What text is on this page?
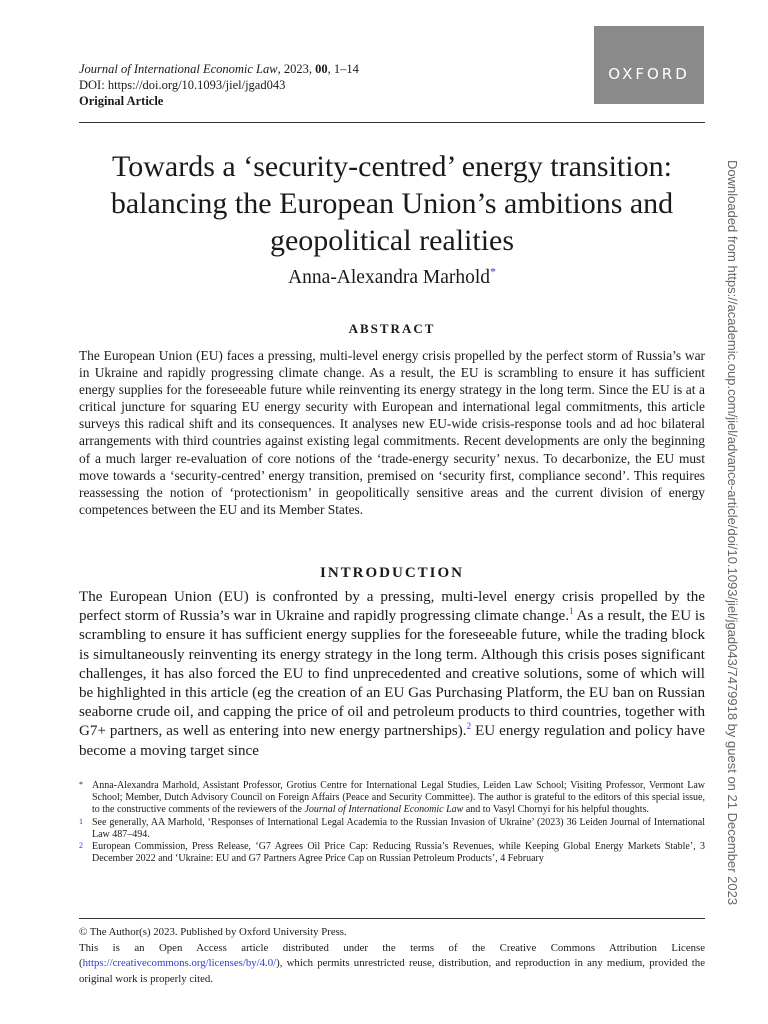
Journal of International Economic Law, 2023, 00, 1–14
DOI: https://doi.org/10.1093/jiel/jgad043
Original Article
OXFORD
Towards a ‘security-centred’ energy transition: balancing the European Union’s ambitions and geopolitical realities
Anna-Alexandra Marhold*
ABSTRACT

The European Union (EU) faces a pressing, multi-level energy crisis propelled by the perfect storm of Russia’s war in Ukraine and rapidly progressing climate change. As a result, the EU is scrambling to ensure it has sufficient energy supplies for the foreseeable future while reinventing its energy strategy in the long term. Since the EU is at a critical juncture for squaring EU energy security with European and international legal commitments, this article surveys this radical shift and its consequences. It analyses new EU-wide crisis-response tools and ad hoc bilateral arrangements with third countries against existing legal commitments. Recent developments are only the beginning of a much larger re-evaluation of core notions of the ‘trade-energy security’ nexus. To decarbonize, the EU must move towards a ‘security-centred’ energy transition, premised on ‘security first, compliance second’. This requires reassessing the notion of ‘protectionism’ in geopolitically sensitive areas and the current division of energy competences between the EU and its Member States.

INTRODUCTION

The European Union (EU) is confronted by a pressing, multi-level energy crisis propelled by the perfect storm of Russia’s war in Ukraine and rapidly progressing climate change.$^1$ As a result, the EU is scrambling to ensure it has sufficient energy supplies for the foreseeable future, while the trading block is simultaneously reinventing its energy strategy in the long term. Although this crisis poses significant challenges, it has also forced the EU to find unprecedented and creative solutions, some of which will be highlighted in this article (eg the creation of an EU Gas Purchasing Platform, the EU ban on Russian seaborne crude oil, and capping the price of oil and petroleum products to third countries, together with G7+ partners, as well as entering into new energy partnerships).$^2$ EU energy regulation and policy have become a moving target since

* Anna-Alexandra Marhold, Assistant Professor, Grotius Centre for International Legal Studies, Leiden Law School; Visiting Professor, Vermont Law School; Member, Dutch Advisory Council on Foreign Affairs (Peace and Security Committee). The author is grateful to the editors of this special issue, to the constructive comments of the reviewers of the Journal of International Economic Law and to Vasyl Chornyi for his helpful thoughts.
1 See generally, AA Marhold, ‘Responses of International Legal Academia to the Russian Invasion of Ukraine’ (2023) 36 Leiden Journal of International Law 487–494.
2 European Commission, Press Release, ‘G7 Agrees Oil Price Cap: Reducing Russia’s Revenues, while Keeping Global Energy Markets Stable’, 3 December 2022 and ‘Ukraine: EU and G7 Partners Agree Price Cap on Russian Petroleum Products’, 4 February
© The Author(s) 2023. Published by Oxford University Press.
This is an Open Access article distributed under the terms of the Creative Commons Attribution License (https://creativecommons.org/licenses/by/4.0/), which permits unrestricted reuse, distribution, and reproduction in any medium, provided the original work is properly cited.
Downloaded from https://academic.oup.com/jiel/advance-article/doi/10.1093/jiel/jgad043/7479918 by guest on 21 December 2023
